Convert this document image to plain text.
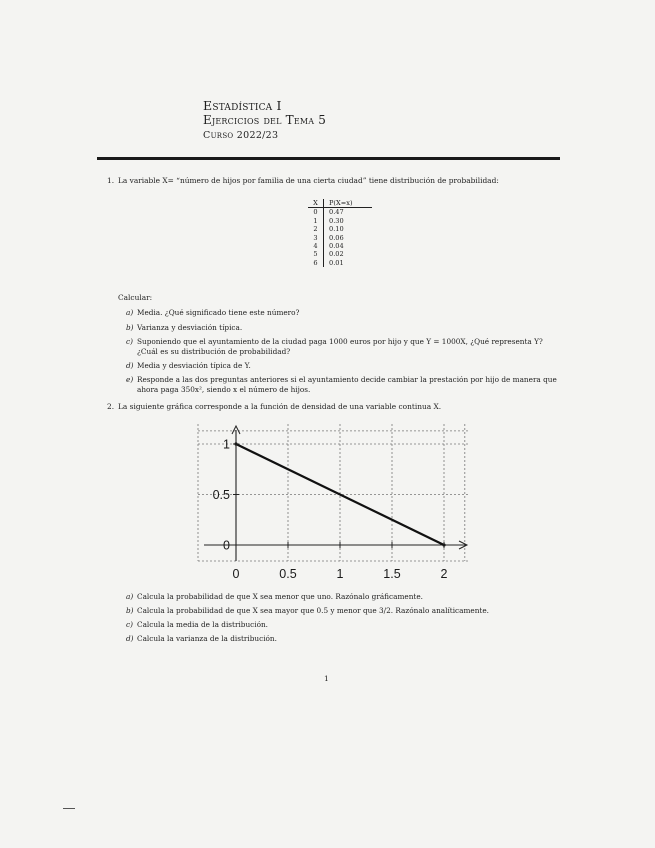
Estadística I
Ejercicios del Tema 5
Curso 2022/23
1. La variable X= “número de hijos por familia de una cierta ciudad” tiene distribución de probabilidad:
X	P(X=x)
0	0.47
1	0.30
2	0.10
3	0.06
4	0.04
5	0.02
6	0.01
Calcular:
a) Media. ¿Qué significado tiene este número?
b) Varianza y desviación típica.
c) Suponiendo que el ayuntamiento de la ciudad paga 1000 euros por hijo y que Y = 1000X, ¿Qué representa Y? ¿Cuál es su distribución de probabilidad?
d) Media y desviación típica de Y.
e) Responde a las dos preguntas anteriores si el ayuntamiento decide cambiar la prestación por hijo de manera que ahora paga 350x², siendo x el número de hijos.
2. La siguiente gráfica corresponde a la función de densidad de una variable continua X.
0	0.5	1	1.5	2
0
0.5
1
a) Calcula la probabilidad de que X sea menor que uno. Razónalo gráficamente.
b) Calcula la probabilidad de que X sea mayor que 0.5 y menor que 3/2. Razónalo analíticamente.
c) Calcula la media de la distribución.
d) Calcula la varianza de la distribución.
1
